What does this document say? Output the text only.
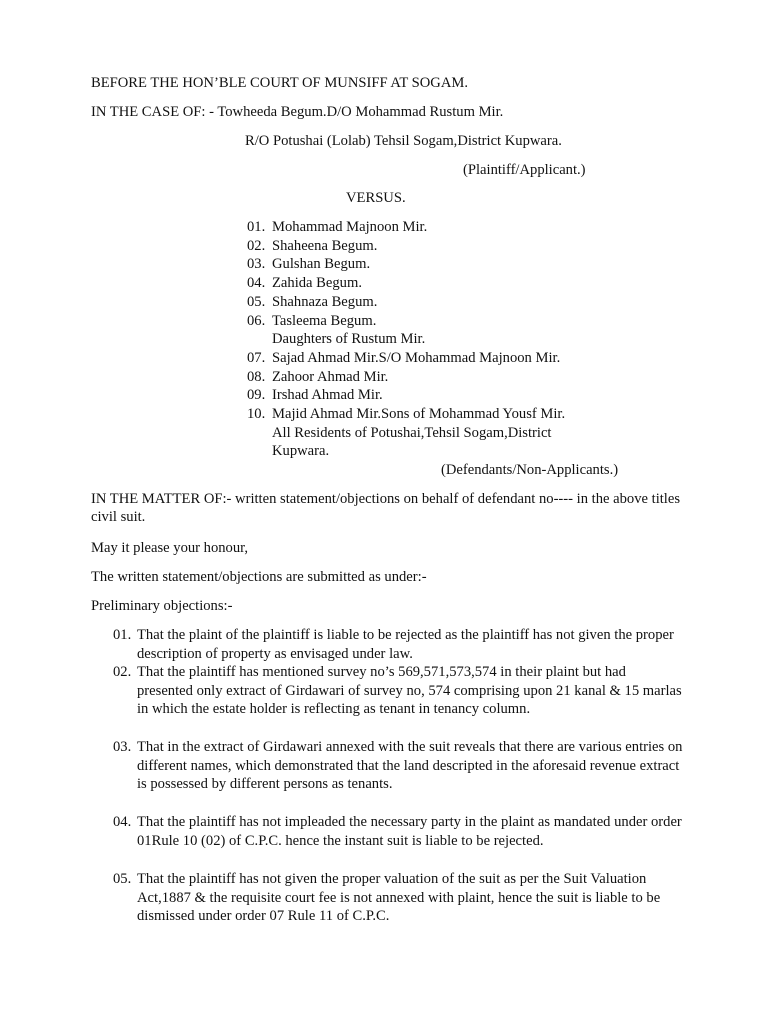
BEFORE THE HON’BLE COURT OF MUNSIFF AT SOGAM.
IN THE CASE OF: - Towheeda Begum.D/O Mohammad Rustum Mir.
R/O Potushai (Lolab) Tehsil Sogam,District Kupwara.
(Plaintiff/Applicant.)
VERSUS.
01. Mohammad Majnoon Mir.
02. Shaheena Begum.
03. Gulshan Begum.
04. Zahida Begum.
05. Shahnaza Begum.
06. Tasleema Begum.
Daughters of Rustum Mir.
07. Sajad Ahmad Mir.S/O Mohammad Majnoon Mir.
08. Zahoor Ahmad Mir.
09. Irshad Ahmad Mir.
10. Majid Ahmad Mir.Sons of Mohammad Yousf Mir.
All Residents of Potushai,Tehsil Sogam,District
Kupwara.
(Defendants/Non-Applicants.)
IN THE MATTER OF:- written statement/objections on behalf of defendant no---- in the above titles civil suit.
May it please your honour,
The written statement/objections are submitted as under:-
Preliminary objections:-
01. That the plaint of the plaintiff is liable to be rejected as the plaintiff has not given the proper description of property as envisaged under law.
02. That the plaintiff has mentioned survey no’s 569,571,573,574 in their plaint but had presented only extract of Girdawari of survey no, 574 comprising upon 21 kanal & 15 marlas in which the estate holder is reflecting as tenant in tenancy column.
03. That in the extract of Girdawari annexed with the suit reveals that there are various entries on different names, which demonstrated that the land descripted in the aforesaid revenue extract is possessed by different persons as tenants.
04. That the plaintiff has not impleaded the necessary party in the plaint as mandated under order 01Rule 10 (02) of C.P.C. hence the instant suit is liable to be rejected.
05. That the plaintiff has not given the proper valuation of the suit as per the Suit Valuation Act,1887 & the requisite court fee is not annexed with plaint, hence the suit is liable to be dismissed under order 07 Rule 11 of C.P.C.
